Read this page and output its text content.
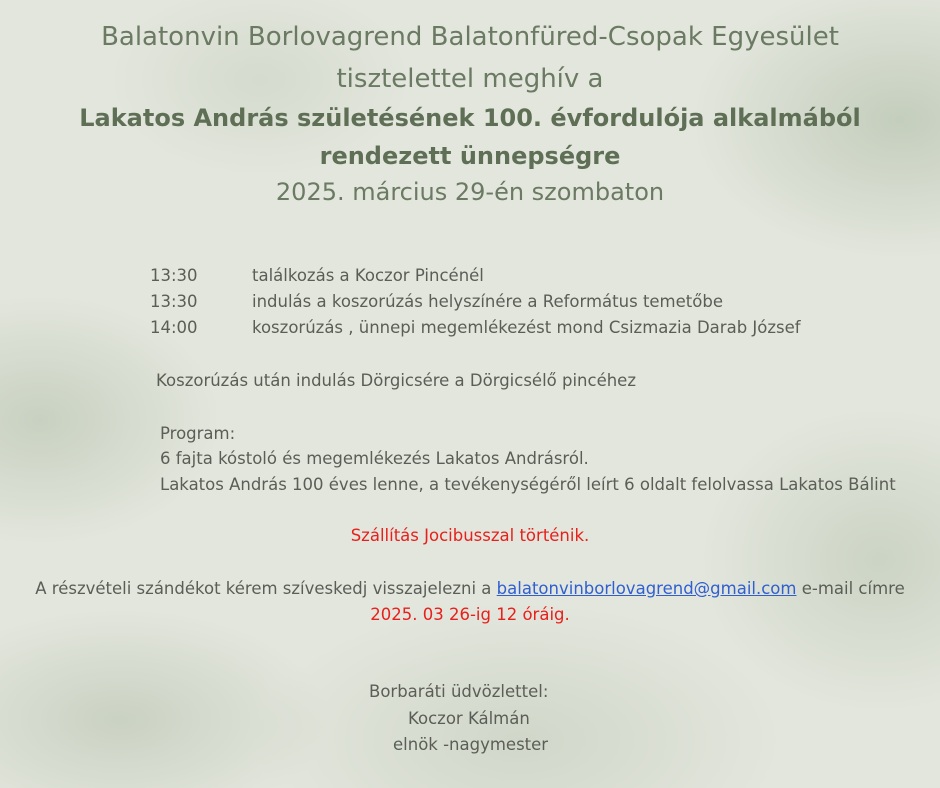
Balatonvin Borlovagrend Balatonfüred-Csopak Egyesület
tisztelettel meghív a
Lakatos András születésének 100. évfordulója alkalmából
rendezett ünnepségre
2025. március 29-én szombaton
13:30	találkozás a Koczor Pincénél
13:30	indulás a koszorúzás helyszínére a Református temetőbe
14:00	koszorúzás , ünnepi megemlékezést mond Csizmazia Darab József
Koszorúzás után indulás Dörgicsére a Dörgicsélő pincéhez
Program:
6 fajta kóstoló és megemlékezés Lakatos Andrásról.
Lakatos András 100 éves lenne, a tevékenységéről leírt 6 oldalt felolvassa Lakatos Bálint
Szállítás Jocibusszal történik.
A részvételi szándékot kérem szíveskedj visszajelezni a balatonvinborlovagrend@gmail.com e-mail címre
2025. 03 26-ig 12 óráig.
Borbaráti üdvözlettel:
Koczor Kálmán
elnök -nagymester
